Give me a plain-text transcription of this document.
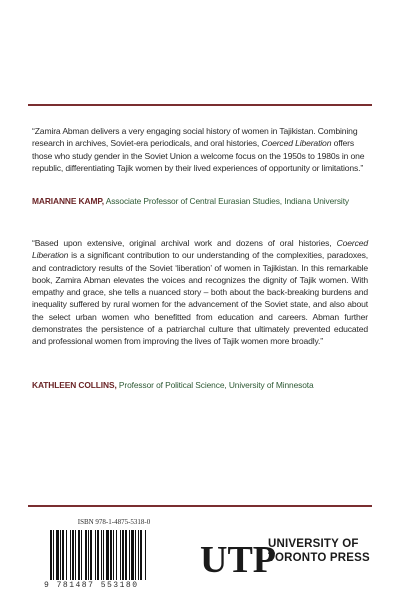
“Zamira Abman delivers a very engaging social history of women in Tajikistan. Combining research in archives, Soviet-era periodicals, and oral histories, Coerced Liberation offers those who study gender in the Soviet Union a welcome focus on the 1950s to 1980s in one republic, differentiating Tajik women by their lived experiences of opportunity or limitations.”
MARIANNE KAMP, Associate Professor of Central Eurasian Studies, Indiana University
“Based upon extensive, original archival work and dozens of oral histories, Coerced Liberation is a significant contribution to our understanding of the complexities, paradoxes, and contradictory results of the Soviet ‘liberation’ of women in Tajikistan. In this remarkable book, Zamira Abman elevates the voices and recognizes the dignity of Tajik women. With empathy and grace, she tells a nuanced story – both about the back-breaking burdens and inequality suffered by rural women for the advancement of the Soviet state, and also about the select urban women who benefitted from education and careers. Abman further demonstrates the persistence of a patriarchal culture that ultimately prevented educated and professional women from improving the lives of Tajik women more broadly.”
KATHLEEN COLLINS, Professor of Political Science, University of Minnesota
ISBN 978-1-4875-5318-0
9 781487 553180
UTP
UNIVERSITY OF
TORONTO PRESS
